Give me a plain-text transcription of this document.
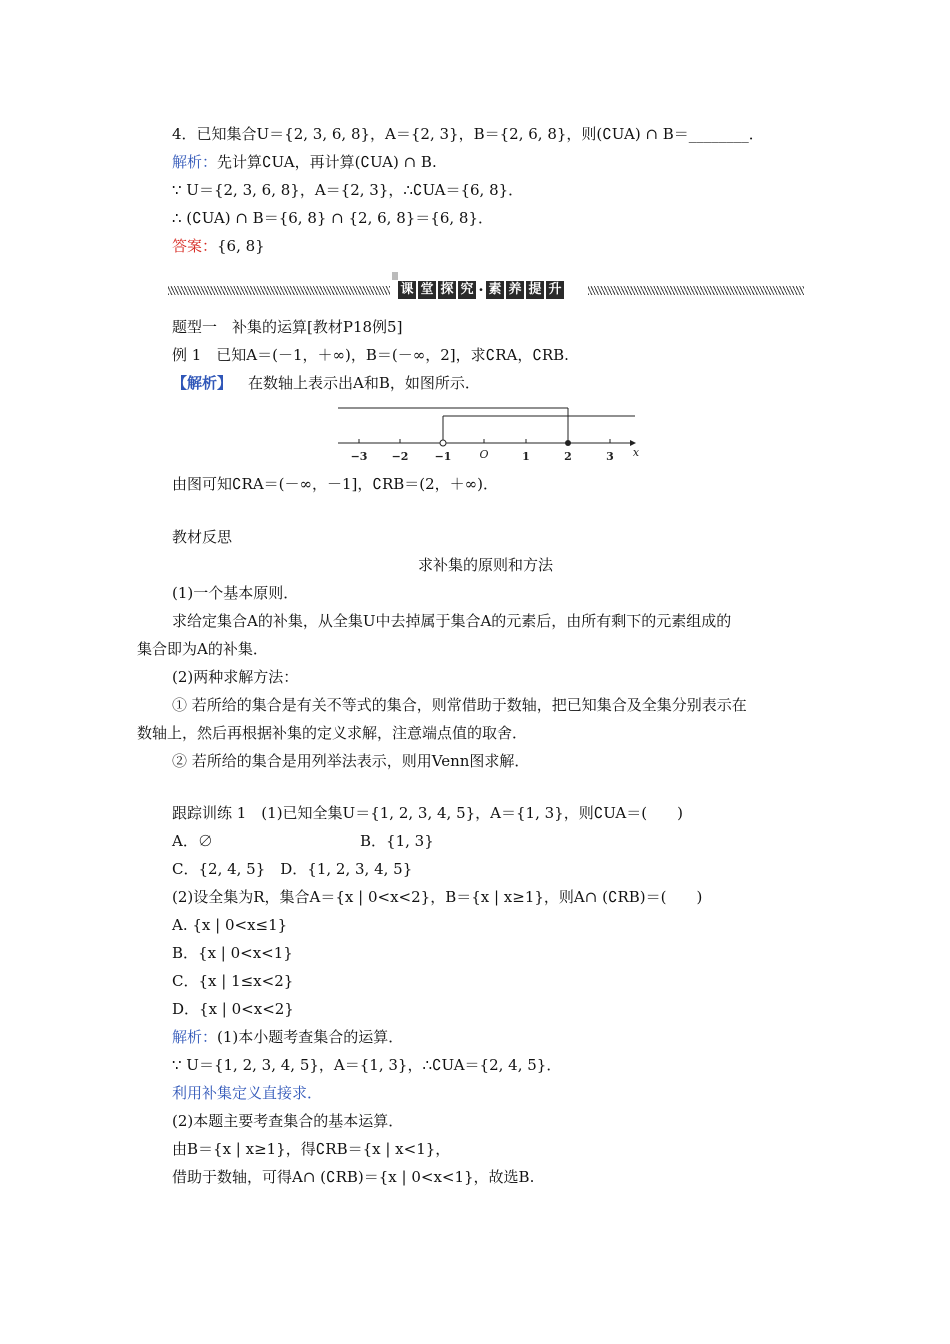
4．已知集合U＝{2, 3, 6, 8}，A＝{2, 3}，B＝{2, 6, 8}，则(∁UA) ∩ B＝________．
解析：先计算∁UA，再计算(∁UA) ∩ B.
∵ U＝{2, 3, 6, 8}，A＝{2, 3}，∴∁UA＝{6, 8}．
∴ (∁UA) ∩ B＝{6, 8} ∩ {2, 6, 8}＝{6, 8}．
答案：{6, 8}
课 堂 探 究 · 素 养 提 升
题型一　补集的运算[教材P18例5]
例 1　已知A＝(－1，＋∞)，B＝(－∞，2]，求∁RA，∁RB.
【解析】 在数轴上表示出A和B，如图所示．
−3 −2 −1	O	1	2	3 x
由图可知∁RA＝(－∞，－1]，∁RB＝(2，＋∞)．
教材反思
求补集的原则和方法
(1)一个基本原则．
求给定集合A的补集，从全集U中去掉属于集合A的元素后，由所有剩下的元素组成的
集合即为A的补集．
(2)两种求解方法：
① 若所给的集合是有关不等式的集合，则常借助于数轴，把已知集合及全集分别表示在
数轴上，然后再根据补集的定义求解，注意端点值的取舍．
② 若所给的集合是用列举法表示，则用Venn图求解．
跟踪训练 1　(1)已知全集U＝{1, 2, 3, 4, 5}，A＝{1, 3}，则∁UA＝(　　)
A．∅	B．{1, 3}
C．{2, 4, 5}　D．{1, 2, 3, 4, 5}
(2)设全集为R，集合A＝{x | 0<x<2}，B＝{x | x≥1}，则A∩ (∁RB)＝(　　)
A. {x | 0<x≤1}
B．{x | 0<x<1}
C．{x | 1≤x<2}
D．{x | 0<x<2}
解析：(1)本小题考查集合的运算．
∵ U＝{1, 2, 3, 4, 5}，A＝{1, 3}，∴∁UA＝{2, 4, 5}．
利用补集定义直接求．
(2)本题主要考查集合的基本运算．
由B＝{x | x≥1}，得∁RB＝{x | x<1}，
借助于数轴，可得A∩ (∁RB)＝{x | 0<x<1}，故选B.
